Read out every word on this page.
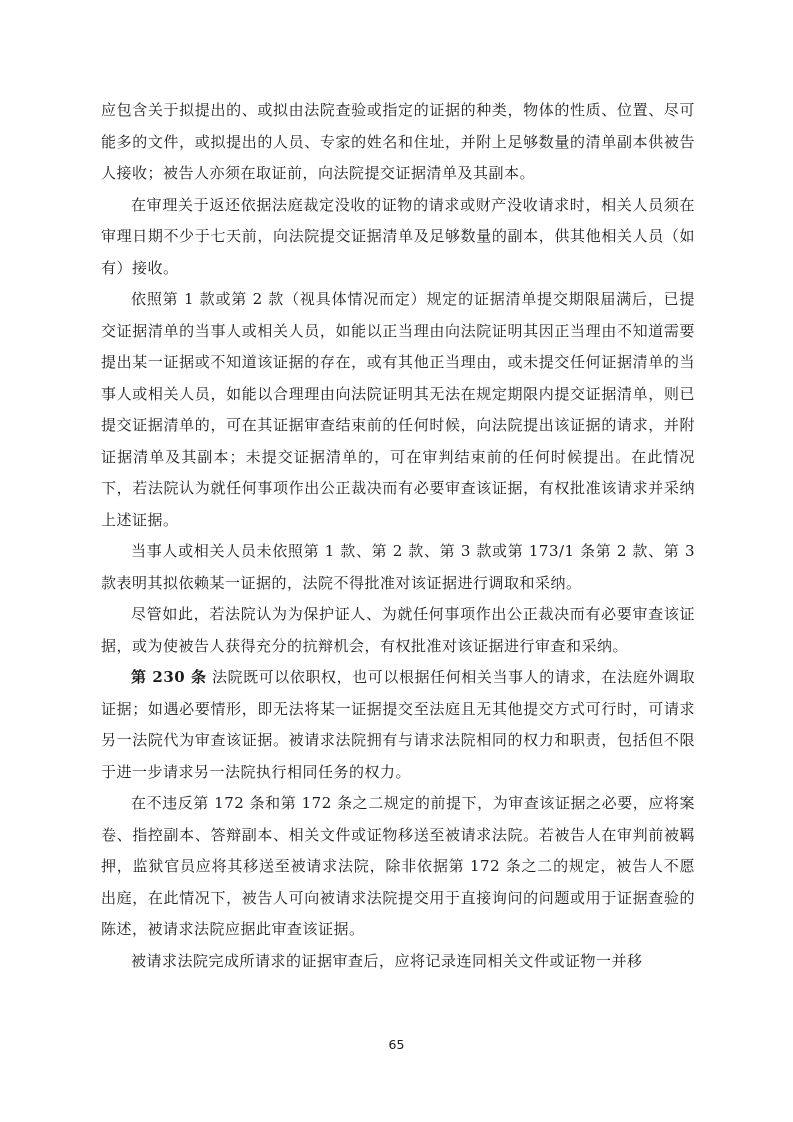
应包含关于拟提出的、或拟由法院查验或指定的证据的种类，物体的性质、位置、尽可能多的文件，或拟提出的人员、专家的姓名和住址，并附上足够数量的清单副本供被告人接收；被告人亦须在取证前，向法院提交证据清单及其副本。

在审理关于返还依据法庭裁定没收的证物的请求或财产没收请求时，相关人员须在审理日期不少于七天前，向法院提交证据清单及足够数量的副本，供其他相关人员（如有）接收。

依照第 1 款或第 2 款（视具体情况而定）规定的证据清单提交期限届满后，已提交证据清单的当事人或相关人员，如能以正当理由向法院证明其因正当理由不知道需要提出某一证据或不知道该证据的存在，或有其他正当理由，或未提交任何证据清单的当事人或相关人员，如能以合理理由向法院证明其无法在规定期限内提交证据清单，则已提交证据清单的，可在其证据审查结束前的任何时候，向法院提出该证据的请求，并附证据清单及其副本；未提交证据清单的，可在审判结束前的任何时候提出。在此情况下，若法院认为就任何事项作出公正裁决而有必要审查该证据，有权批准该请求并采纳上述证据。

当事人或相关人员未依照第 1 款、第 2 款、第 3 款或第 173/1 条第 2 款、第 3 款表明其拟依赖某一证据的，法院不得批准对该证据进行调取和采纳。

尽管如此，若法院认为为保护证人、为就任何事项作出公正裁决而有必要审查该证据，或为使被告人获得充分的抗辩机会，有权批准对该证据进行审查和采纳。

第 230 条 法院既可以依职权，也可以根据任何相关当事人的请求，在法庭外调取证据；如遇必要情形，即无法将某一证据提交至法庭且无其他提交方式可行时，可请求另一法院代为审查该证据。被请求法院拥有与请求法院相同的权力和职责，包括但不限于进一步请求另一法院执行相同任务的权力。

在不违反第 172 条和第 172 条之二规定的前提下，为审查该证据之必要，应将案卷、指控副本、答辩副本、相关文件或证物移送至被请求法院。若被告人在审判前被羁押，监狱官员应将其移送至被请求法院，除非依据第 172 条之二的规定，被告人不愿出庭，在此情况下，被告人可向被请求法院提交用于直接询问的问题或用于证据查验的陈述，被请求法院应据此审查该证据。

被请求法院完成所请求的证据审查后，应将记录连同相关文件或证物一并移

65
